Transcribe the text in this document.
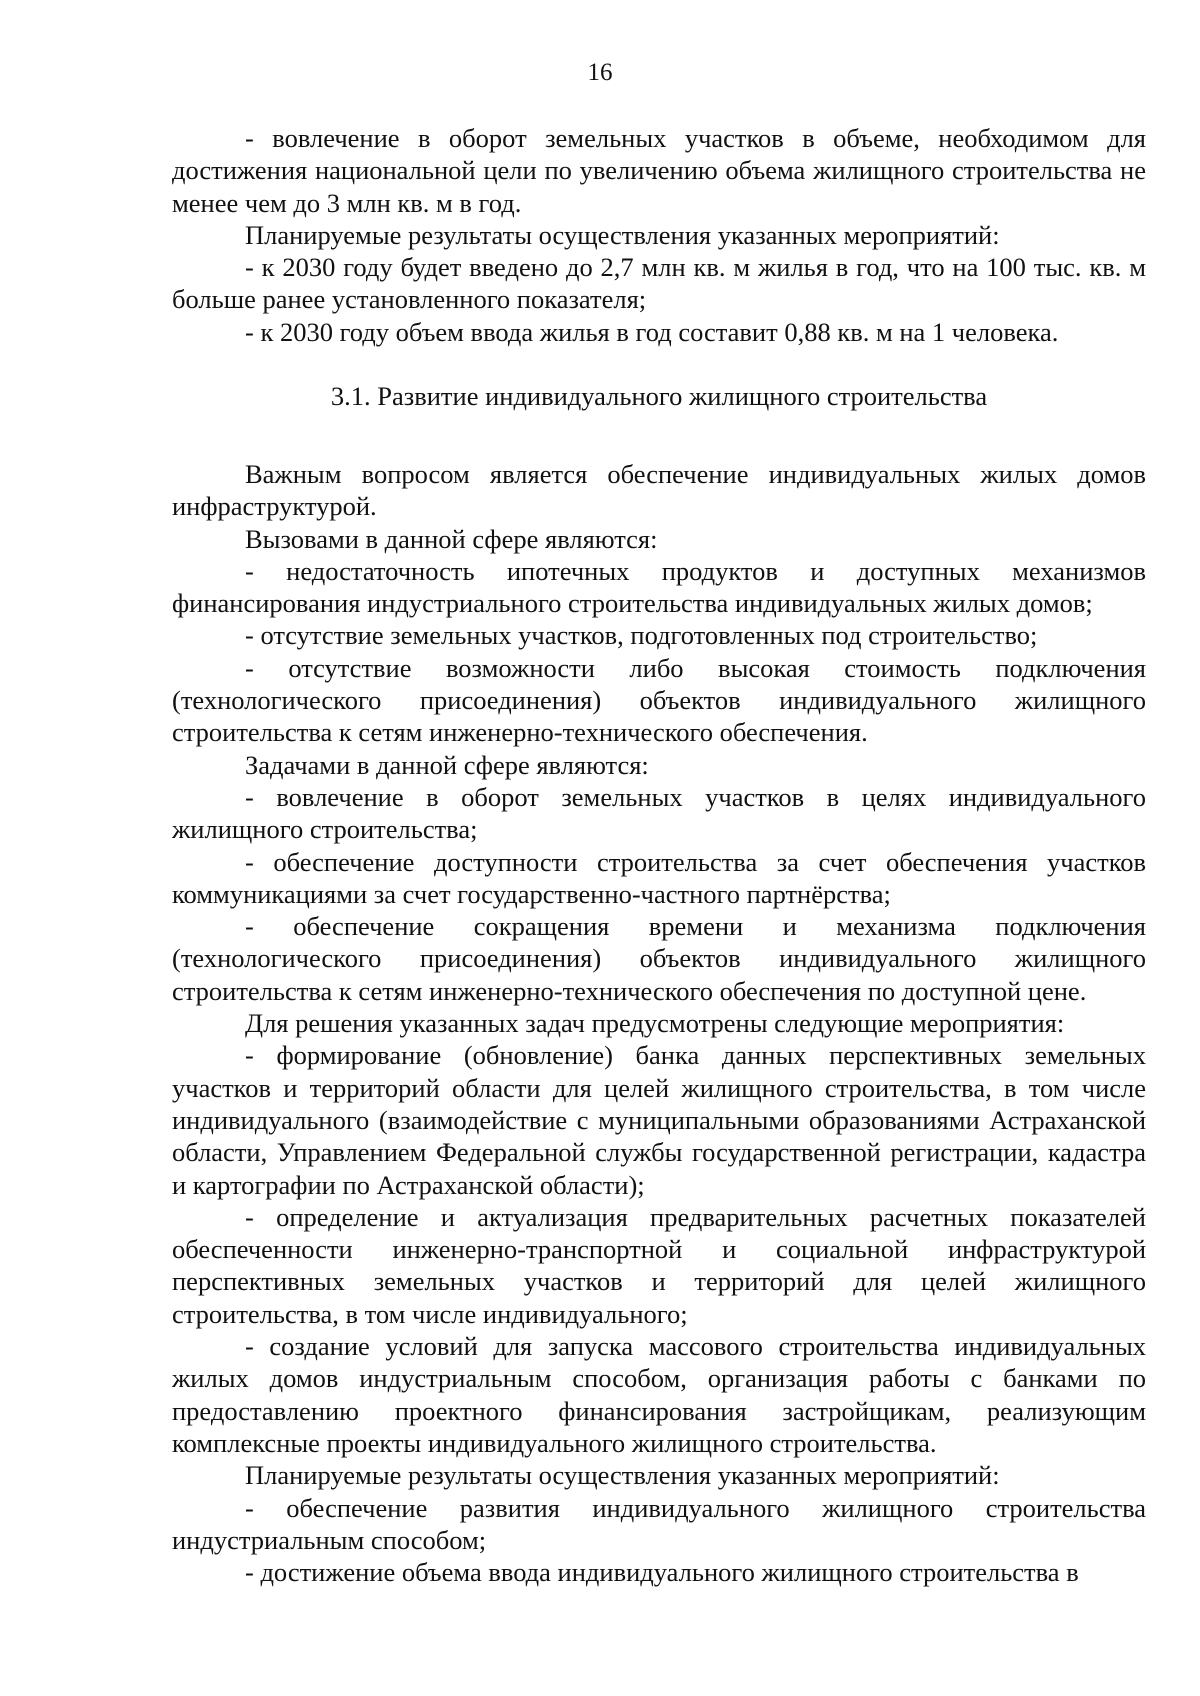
16

- вовлечение в оборот земельных участков в объеме, необходимом для достижения национальной цели по увеличению объема жилищного строительства не менее чем до 3 млн кв. м в год.

Планируемые результаты осуществления указанных мероприятий:

- к 2030 году будет введено до 2,7 млн кв. м жилья в год, что на 100 тыс. кв. м больше ранее установленного показателя;

- к 2030 году объем ввода жилья в год составит 0,88 кв. м на 1 человека.

3.1. Развитие индивидуального жилищного строительства

Важным вопросом является обеспечение индивидуальных жилых домов инфраструктурой.

Вызовами в данной сфере являются:

- недостаточность ипотечных продуктов и доступных механизмов финансирования индустриального строительства индивидуальных жилых домов;

- отсутствие земельных участков, подготовленных под строительство;

- отсутствие возможности либо высокая стоимость подключения (технологического присоединения) объектов индивидуального жилищного строительства к сетям инженерно-технического обеспечения.

Задачами в данной сфере являются:

- вовлечение в оборот земельных участков в целях индивидуального жилищного строительства;

- обеспечение доступности строительства за счет обеспечения участков коммуникациями за счет государственно-частного партнёрства;

- обеспечение сокращения времени и механизма подключения (технологического присоединения) объектов индивидуального жилищного строительства к сетям инженерно-технического обеспечения по доступной цене.

Для решения указанных задач предусмотрены следующие мероприятия:

- формирование (обновление) банка данных перспективных земельных участков и территорий области для целей жилищного строительства, в том числе индивидуального (взаимодействие с муниципальными образованиями Астраханской области, Управлением Федеральной службы государственной регистрации, кадастра и картографии по Астраханской области);

- определение и актуализация предварительных расчетных показателей обеспеченности инженерно-транспортной и социальной инфраструктурой перспективных земельных участков и территорий для целей жилищного строительства, в том числе индивидуального;

- создание условий для запуска массового строительства индивидуальных жилых домов индустриальным способом, организация работы с банками по предоставлению проектного финансирования застройщикам, реализующим комплексные проекты индивидуального жилищного строительства.

Планируемые результаты осуществления указанных мероприятий:

- обеспечение развития индивидуального жилищного строительства индустриальным способом;

- достижение объема ввода индивидуального жилищного строительства в
